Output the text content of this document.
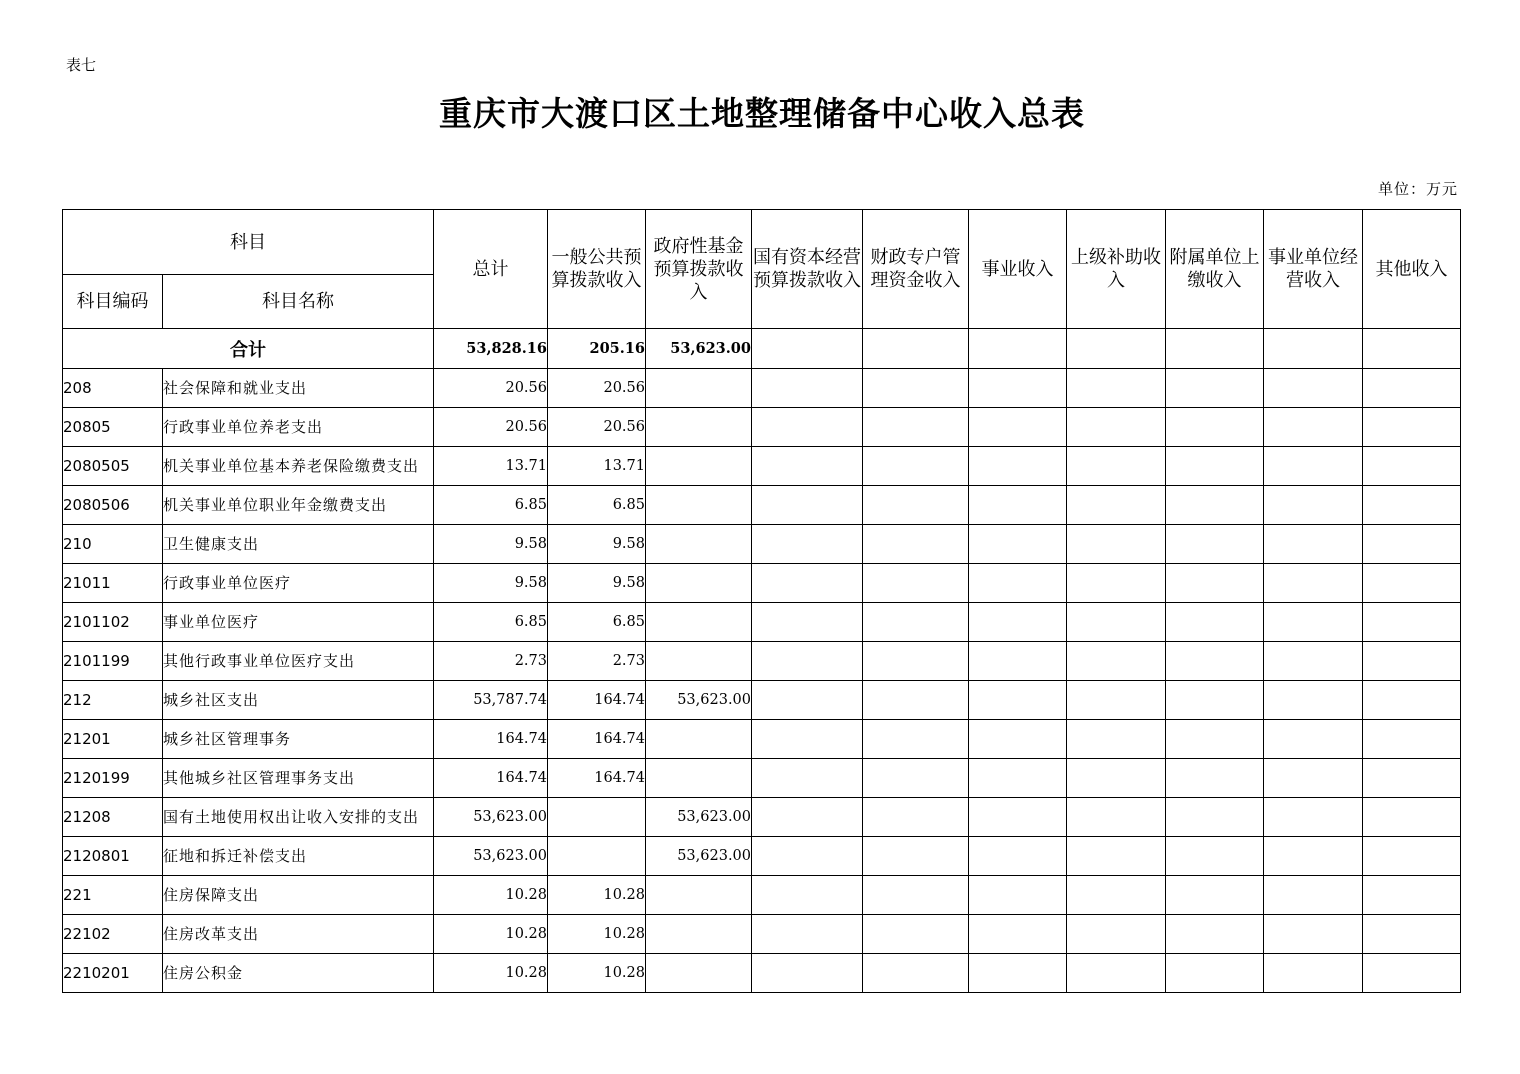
表七
重庆市大渡口区土地整理储备中心收入总表
单位：万元
科目		总计	一般公共预算拨款收入	政府性基金预算拨款收入	国有资本经营预算拨款收入	财政专户管理资金收入	事业收入	上级补助收入	附属单位上缴收入	事业单位经营收入	其他收入
科目编码	科目名称										
合计		53,828.16	205.16	53,623.00							
208	社会保障和就业支出	20.56	20.56								
20805	行政事业单位养老支出	20.56	20.56								
2080505	机关事业单位基本养老保险缴费支出	13.71	13.71								
2080506	机关事业单位职业年金缴费支出	6.85	6.85								
210	卫生健康支出	9.58	9.58								
21011	行政事业单位医疗	9.58	9.58								
2101102	事业单位医疗	6.85	6.85								
2101199	其他行政事业单位医疗支出	2.73	2.73								
212	城乡社区支出	53,787.74	164.74	53,623.00							
21201	城乡社区管理事务	164.74	164.74								
2120199	其他城乡社区管理事务支出	164.74	164.74								
21208	国有土地使用权出让收入安排的支出	53,623.00		53,623.00							
2120801	征地和拆迁补偿支出	53,623.00		53,623.00							
221	住房保障支出	10.28	10.28								
22102	住房改革支出	10.28	10.28								
2210201	住房公积金	10.28	10.28								
